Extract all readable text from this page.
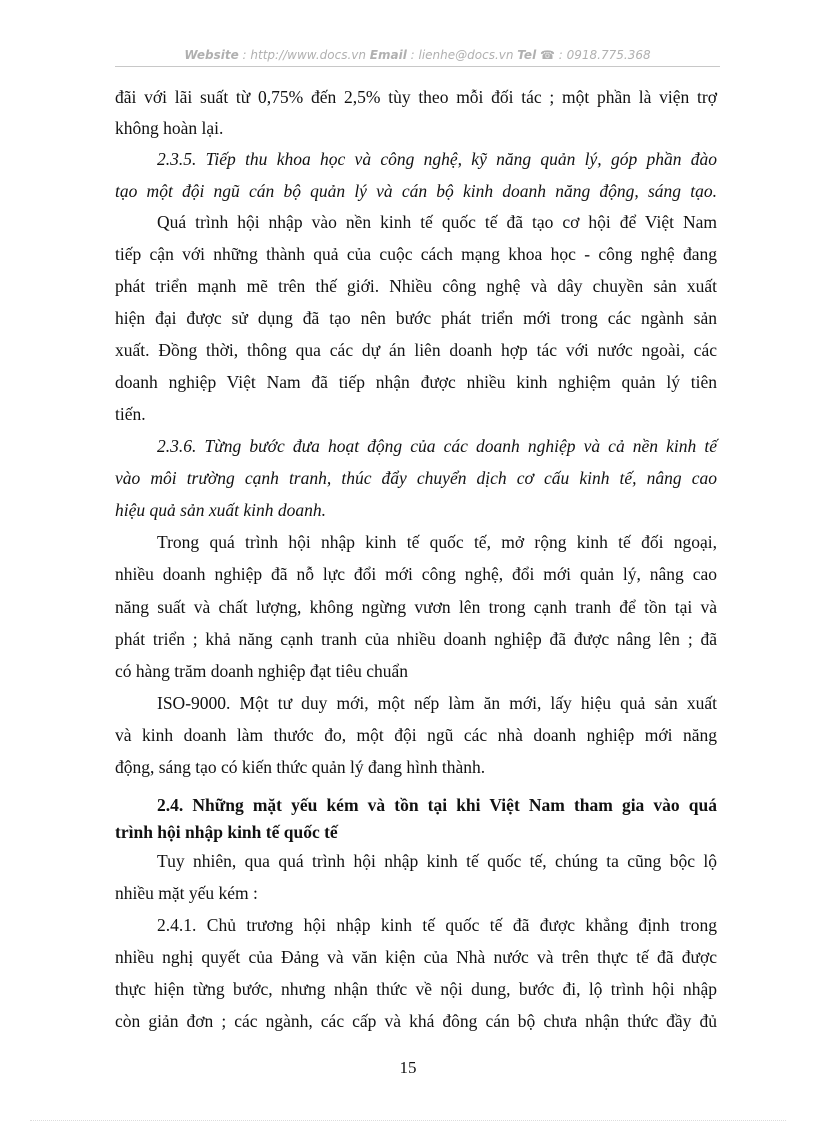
Website : http://www.docs.vn Email : lienhe@docs.vn Tel ☎ : 0918.775.368
đãi với lãi suất từ 0,75% đến 2,5% tùy theo mỗi đối tác ; một phần là viện trợ
không hoàn lại.
2.3.5. Tiếp thu khoa học và công nghệ, kỹ năng quản lý, góp phần đào
tạo một đội ngũ cán bộ quản lý và cán bộ kinh doanh năng động, sáng tạo.
Quá trình hội nhập vào nền kinh tế quốc tế đã tạo cơ hội để Việt Nam
tiếp cận với những thành quả của cuộc cách mạng khoa học - công nghệ đang
phát triển mạnh mẽ trên thế giới. Nhiều công nghệ và dây chuyền sản xuất
hiện đại được sử dụng đã tạo nên bước phát triển mới trong các ngành sản
xuất. Đồng thời, thông qua các dự án liên doanh hợp tác với nước ngoài, các
doanh nghiệp Việt Nam đã tiếp nhận được nhiều kinh nghiệm quản lý tiên
tiến.
2.3.6. Từng bước đưa hoạt động của các doanh nghiệp và cả nền kinh tế
vào môi trường cạnh tranh, thúc đẩy chuyển dịch cơ cấu kinh tế, nâng cao
hiệu quả sản xuất kinh doanh.
Trong quá trình hội nhập kinh tế quốc tế, mở rộng kinh tế đối ngoại,
nhiều doanh nghiệp đã nỗ lực đổi mới công nghệ, đổi mới quản lý, nâng cao
năng suất và chất lượng, không ngừng vươn lên trong cạnh tranh để tồn tại và
phát triển ; khả năng cạnh tranh của nhiều doanh nghiệp đã được nâng lên ; đã
có hàng trăm doanh nghiệp đạt tiêu chuẩn
ISO-9000. Một tư duy mới, một nếp làm ăn mới, lấy hiệu quả sản xuất
và kinh doanh làm thước đo, một đội ngũ các nhà doanh nghiệp mới năng
động, sáng tạo có kiến thức quản lý đang hình thành.
2.4. Những mặt yếu kém và tồn tại khi Việt Nam tham gia vào quá
trình hội nhập kinh tế quốc tế
Tuy nhiên, qua quá trình hội nhập kinh tế quốc tế, chúng ta cũng bộc lộ
nhiều mặt yếu kém :
2.4.1. Chủ trương hội nhập kinh tế quốc tế đã được khẳng định trong
nhiều nghị quyết của Đảng và văn kiện của Nhà nước và trên thực tế đã được
thực hiện từng bước, nhưng nhận thức về nội dung, bước đi, lộ trình hội nhập
còn giản đơn ; các ngành, các cấp và khá đông cán bộ chưa nhận thức đầy đủ
15
